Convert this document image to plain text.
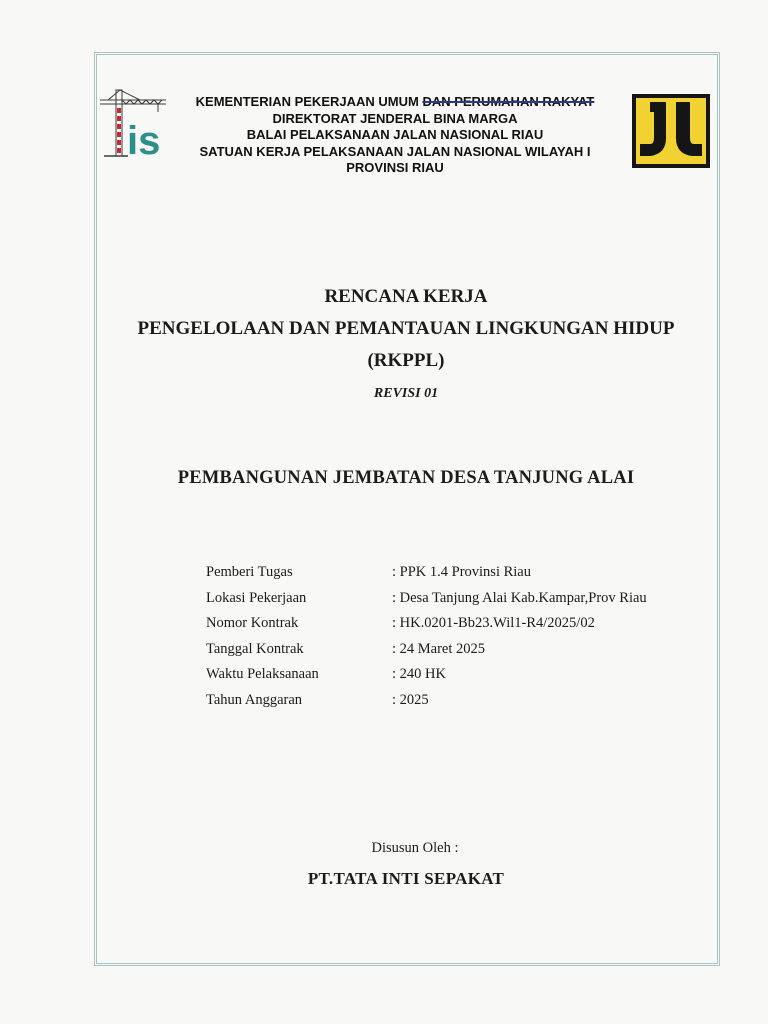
is
KEMENTERIAN PEKERJAAN UMUM DAN PERUMAHAN RAKYAT
DIREKTORAT JENDERAL BINA MARGA
BALAI PELAKSANAAN JALAN NASIONAL RIAU
SATUAN KERJA PELAKSANAAN JALAN NASIONAL WILAYAH I
PROVINSI RIAU
RENCANA KERJA
PENGELOLAAN DAN PEMANTAUAN LINGKUNGAN HIDUP
(RKPPL)
REVISI 01
PEMBANGUNAN JEMBATAN DESA TANJUNG ALAI
Pemberi Tugas	: PPK 1.4 Provinsi Riau
Lokasi Pekerjaan	: Desa Tanjung Alai Kab.Kampar,Prov Riau
Nomor Kontrak	: HK.0201-Bb23.Wil1-R4/2025/02
Tanggal Kontrak	: 24 Maret 2025
Waktu Pelaksanaan	: 240 HK
Tahun Anggaran	: 2025
Disusun Oleh :
PT.TATA INTI SEPAKAT
